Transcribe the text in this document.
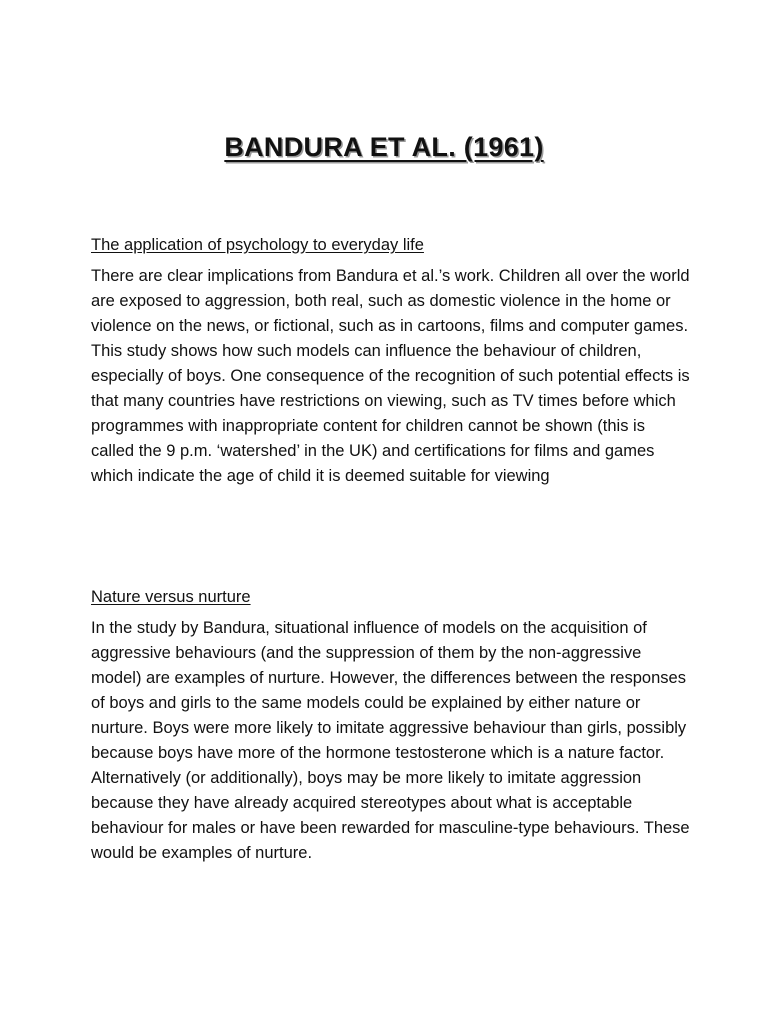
BANDURA ET AL. (1961)
The application of psychology to everyday life

There are clear implications from Bandura et al.’s work. Children all over the world are exposed to aggression, both real, such as domestic violence in the home or violence on the news, or fictional, such as in cartoons, films and computer games. This study shows how such models can influence the behaviour of children, especially of boys. One consequence of the recognition of such potential effects is that many countries have restrictions on viewing, such as TV times before which programmes with inappropriate content for children cannot be shown (this is called the 9 p.m. ‘watershed’ in the UK) and certifications for films and games which indicate the age of child it is deemed suitable for viewing

Nature versus nurture

In the study by Bandura, situational influence of models on the acquisition of aggressive behaviours (and the suppression of them by the non-aggressive model) are examples of nurture. However, the differences between the responses of boys and girls to the same models could be explained by either nature or nurture. Boys were more likely to imitate aggressive behaviour than girls, possibly because boys have more of the hormone testosterone which is a nature factor. Alternatively (or additionally), boys may be more likely to imitate aggression because they have already acquired stereotypes about what is acceptable behaviour for males or have been rewarded for masculine-type behaviours. These would be examples of nurture.
